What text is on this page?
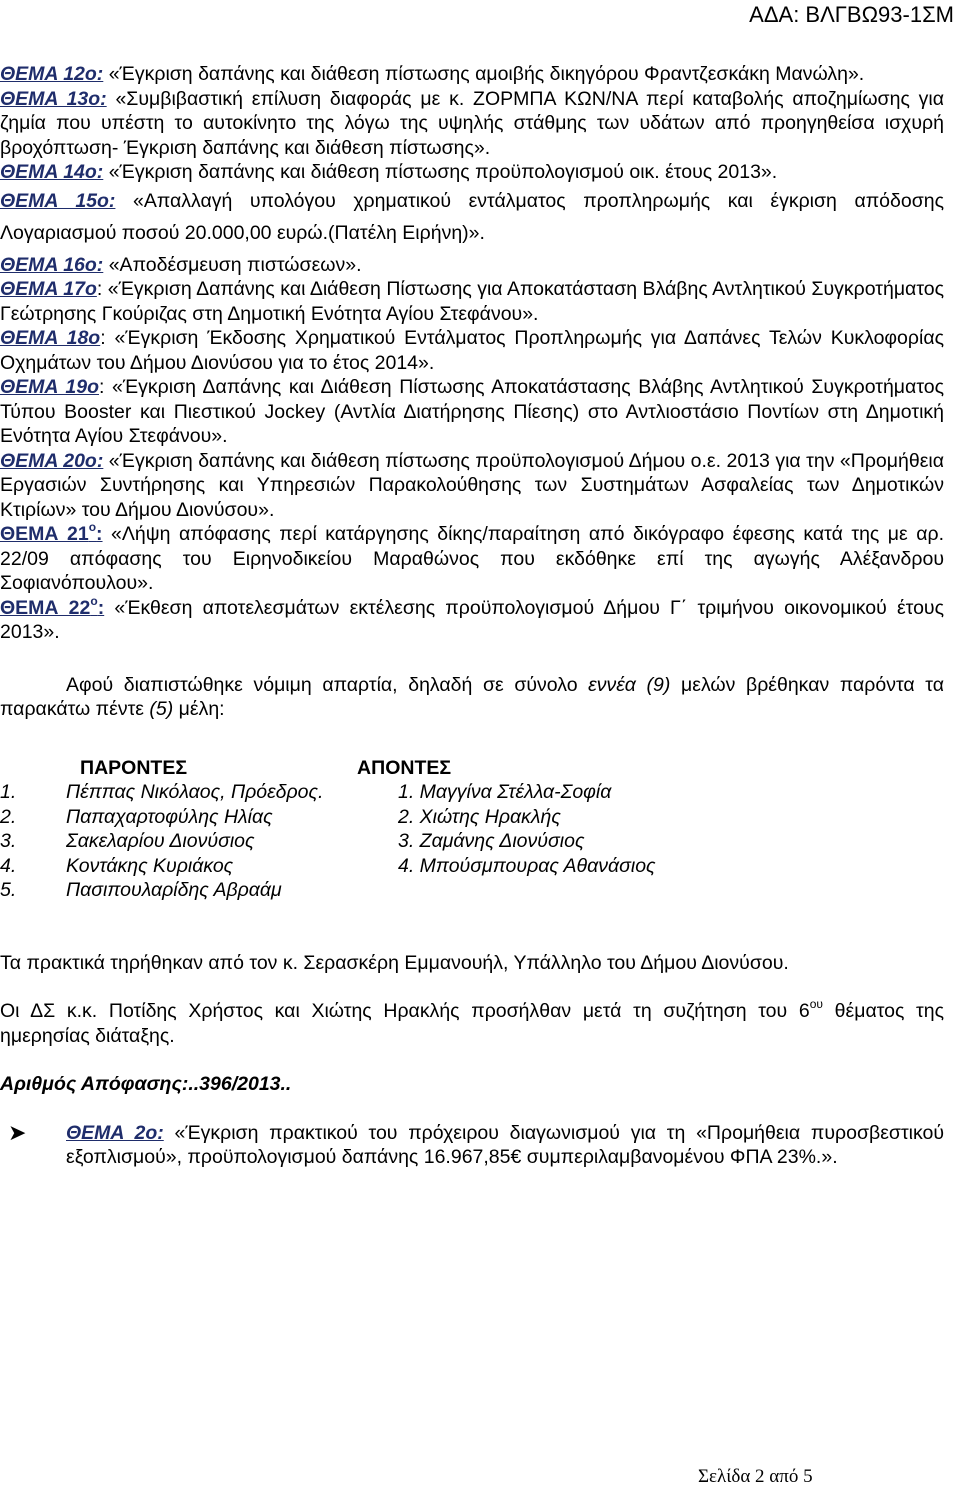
ΑΔΑ: ΒΛΓΒΩ93-1ΣΜ

ΘΕΜΑ 12ο: «Έγκριση δαπάνης και διάθεση πίστωσης αμοιβής δικηγόρου Φραντζεσκάκη Μανώλη».

ΘΕΜΑ 13ο: «Συμβιβαστική επίλυση διαφοράς με κ. ΖΟΡΜΠΑ ΚΩΝ/ΝΑ περί καταβολής αποζημίωσης για ζημία που υπέστη το αυτοκίνητο της λόγω της υψηλής στάθμης των υδάτων από προηγηθείσα ισχυρή βροχόπτωση- Έγκριση δαπάνης και διάθεση πίστωσης».

ΘΕΜΑ 14ο: «Έγκριση δαπάνης και διάθεση πίστωσης προϋπολογισμού οικ. έτους 2013».

ΘΕΜΑ 15ο: «Απαλλαγή υπολόγου χρηματικού εντάλματος προπληρωμής και έγκριση απόδοσης Λογαριασμού ποσού 20.000,00 ευρώ.(Πατέλη Ειρήνη)».

ΘΕΜΑ 16ο: «Αποδέσμευση πιστώσεων».

ΘΕΜΑ 17ο: «Έγκριση Δαπάνης και Διάθεση Πίστωσης για Αποκατάσταση Βλάβης Αντλητικού Συγκροτήματος Γεώτρησης Γκούριζας στη Δημοτική Ενότητα Αγίου Στεφάνου».

ΘΕΜΑ 18ο: «Έγκριση Έκδοσης Χρηματικού Εντάλματος Προπληρωμής για Δαπάνες Τελών Κυκλοφορίας Οχημάτων του Δήμου Διονύσου για το έτος 2014».

ΘΕΜΑ 19ο: «Έγκριση Δαπάνης και Διάθεση Πίστωσης Αποκατάστασης Βλάβης Αντλητικού Συγκροτήματος Τύπου Booster και Πιεστικού Jockey (Αντλία Διατήρησης Πίεσης) στο Αντλιοστάσιο Ποντίων στη Δημοτική Ενότητα Αγίου Στεφάνου».

ΘΕΜΑ 20ο: «Έγκριση δαπάνης και διάθεση πίστωσης προϋπολογισμού Δήμου ο.ε. 2013 για την «Προμήθεια Εργασιών Συντήρησης και Υπηρεσιών Παρακολούθησης των Συστημάτων Ασφαλείας των Δημοτικών Κτιρίων» του Δήμου Διονύσου».

ΘΕΜΑ $21^o$: «Λήψη απόφασης περί κατάργησης δίκης/παραίτηση από δικόγραφο έφεσης κατά της με αρ. 22/09 απόφασης του Ειρηνοδικείου Μαραθώνος που εκδόθηκε επί της αγωγής Αλέξανδρου Σοφιανόπουλου».

ΘΕΜΑ $22^o$: «Έκθεση αποτελεσμάτων εκτέλεσης προϋπολογισμού Δήμου Γ΄ τριμήνου οικονομικού έτους 2013».

Αφού διαπιστώθηκε νόμιμη απαρτία, δηλαδή σε σύνολο εννέα (9) μελών βρέθηκαν παρόντα τα παρακάτω πέντε (5) μέλη:

ΠΑΡΟΝΤΕΣ	ΑΠΟΝΤΕΣ
1.	Πέππας Νικόλαος, Πρόεδρος.	1. Μαγγίνα Στέλλα-Σοφία
2.	Παπαχαρτοφύλης Ηλίας	2. Χιώτης Ηρακλής
3.	Σακελαρίου Διονύσιος	3. Ζαμάνης Διονύσιος
4.	Κοντάκης Κυριάκος	4. Μπούσμπουρας Αθανάσιος
5.	Πασιπουλαρίδης Αβραάμ

Τα πρακτικά τηρήθηκαν από τον κ. Σερασκέρη Εμμανουήλ, Υπάλληλο του Δήμου Διονύσου.

Οι ΔΣ κ.κ. Ποτίδης Χρήστος και Χιώτης Ηρακλής προσήλθαν μετά τη συζήτηση του $6^{o\upsilon}$ θέματος της ημερησίας διάταξης.

Αριθμός Απόφασης:..396/2013..

➤	ΘΕΜΑ 2ο: «Έγκριση πρακτικού του πρόχειρου διαγωνισμού για τη «Προμήθεια πυροσβεστικού εξοπλισμού», προϋπολογισμού δαπάνης 16.967,85€ συμπεριλαμβανομένου ΦΠΑ 23%.».
Σελίδα 2 από 5
